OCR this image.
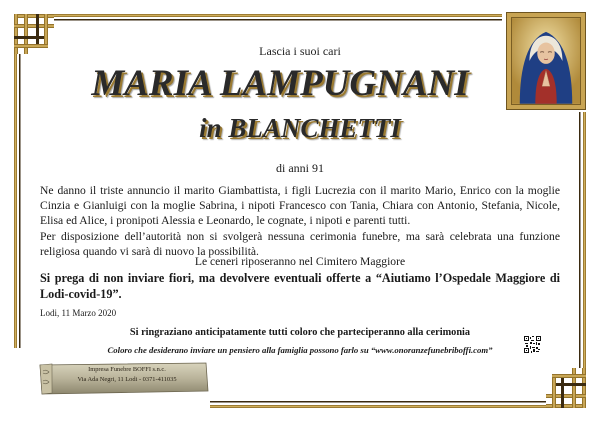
Lascia i suoi cari
MARIA LAMPUGNANI
in BLANCHETTI
di anni 91

Ne danno il triste annuncio il marito Giambattista, i figli Lucrezia con il marito Mario, Enrico con la moglie Cinzia e Gianluigi con la moglie Sabrina, i nipoti Francesco con Tania, Chiara con Antonio, Stefania, Nicole, Elisa ed Alice, i pronipoti Alessia e Leonardo, le cognate, i nipoti e parenti tutti.

Per disposizione dell’autorità non si svolgerà nessuna cerimonia funebre, ma sarà celebrata una funzione religiosa quando vi sarà di nuovo la possibilità.

Le ceneri riposeranno nel Cimitero Maggiore
Si prega di non inviare fiori, ma devolvere eventuali offerte a “Aiutiamo l’Ospedale Maggiore di Lodi-covid-19”.
Lodi, 11 Marzo 2020
Si ringraziano anticipatamente tutti coloro che parteciperanno alla cerimonia
Coloro che desiderano inviare un pensiero alla famiglia possono farlo su “www.onoranzefunebriboffi.com”
Impresa Funebre BOFFI s.n.c.
Via Ada Negri, 11 Lodi - 0371-411035
